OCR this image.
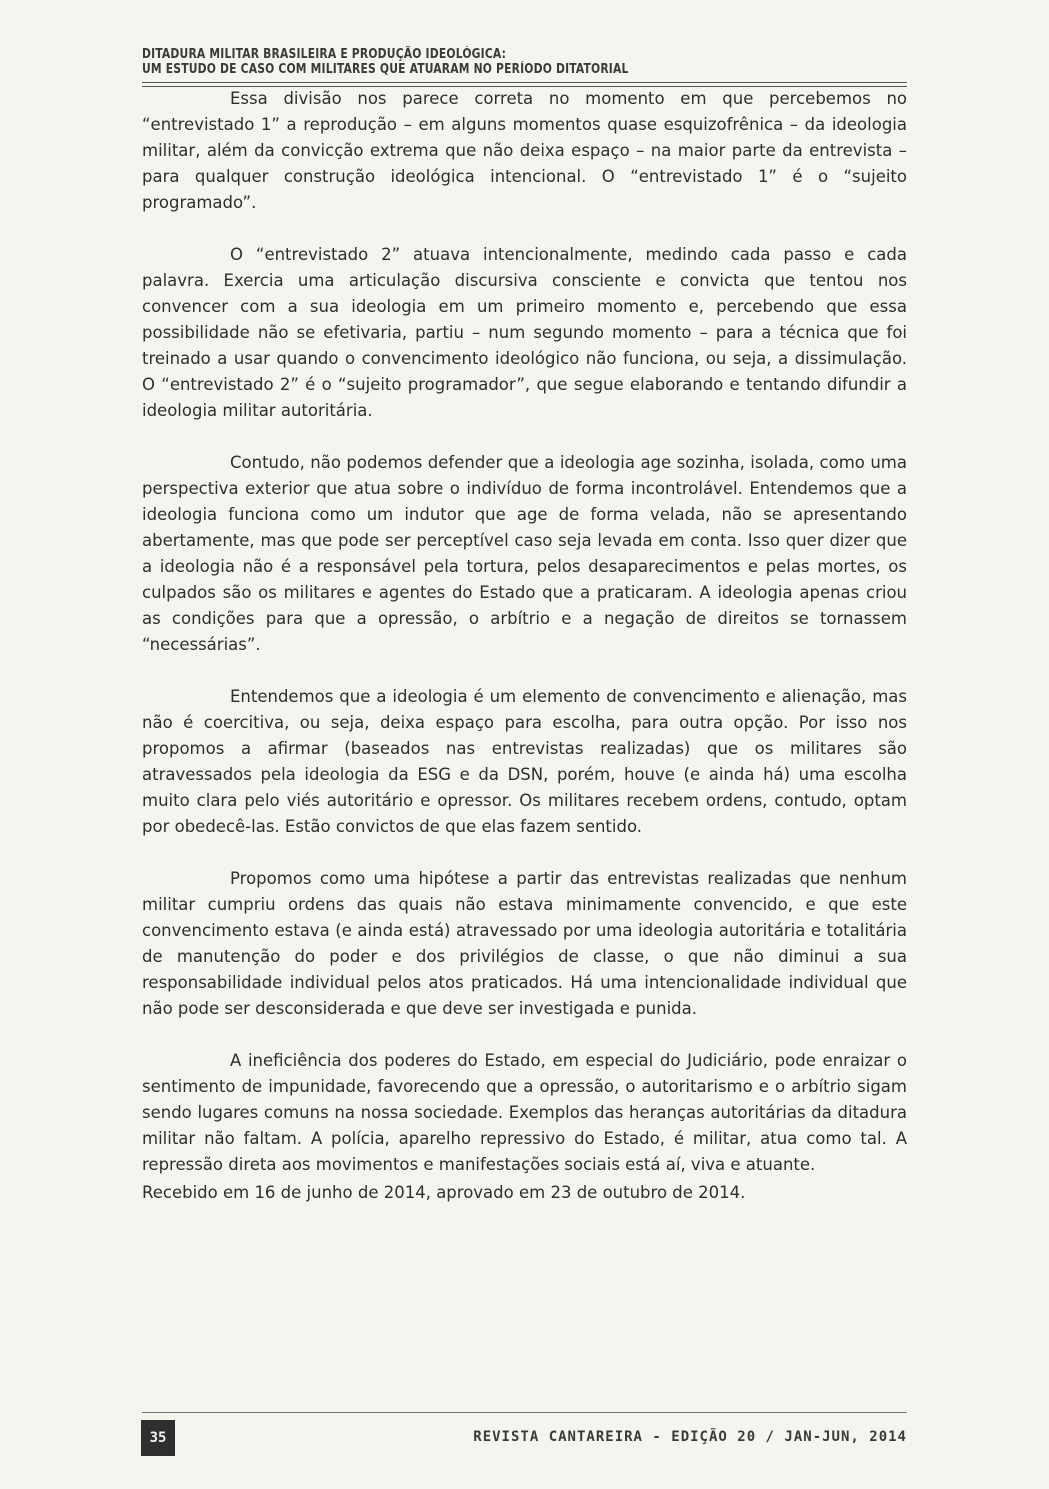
DITADURA MILITAR BRASILEIRA E PRODUÇÃO IDEOLÓGICA:
UM ESTUDO DE CASO COM MILITARES QUE ATUARAM NO PERÍODO DITATORIAL

Essa divisão nos parece correta no momento em que percebemos no “entrevistado 1” a reprodução – em alguns momentos quase esquizofrênica – da ideologia militar, além da convicção extrema que não deixa espaço – na maior parte da entrevista – para qualquer construção ideológica intencional. O “entrevistado 1” é o “sujeito programado”.

O “entrevistado 2” atuava intencionalmente, medindo cada passo e cada palavra. Exercia uma articulação discursiva consciente e convicta que tentou nos convencer com a sua ideologia em um primeiro momento e, percebendo que essa possibilidade não se efetivaria, partiu – num segundo momento – para a técnica que foi treinado a usar quando o convencimento ideológico não funciona, ou seja, a dissimulação. O “entrevistado 2” é o “sujeito programador”, que segue elaborando e tentando difundir a ideologia militar autoritária.

Contudo, não podemos defender que a ideologia age sozinha, isolada, como uma perspectiva exterior que atua sobre o indivíduo de forma incontrolável. Entendemos que a ideologia funciona como um indutor que age de forma velada, não se apresentando abertamente, mas que pode ser perceptível caso seja levada em conta. Isso quer dizer que a ideologia não é a responsável pela tortura, pelos desaparecimentos e pelas mortes, os culpados são os militares e agentes do Estado que a praticaram. A ideologia apenas criou as condições para que a opressão, o arbítrio e a negação de direitos se tornassem “necessárias”.

Entendemos que a ideologia é um elemento de convencimento e alienação, mas não é coercitiva, ou seja, deixa espaço para escolha, para outra opção. Por isso nos propomos a afirmar (baseados nas entrevistas realizadas) que os militares são atravessados pela ideologia da ESG e da DSN, porém, houve (e ainda há) uma escolha muito clara pelo viés autoritário e opressor. Os militares recebem ordens, contudo, optam por obedecê-las. Estão convictos de que elas fazem sentido.

Propomos como uma hipótese a partir das entrevistas realizadas que nenhum militar cumpriu ordens das quais não estava minimamente convencido, e que este convencimento estava (e ainda está) atravessado por uma ideologia autoritária e totalitária de manutenção do poder e dos privilégios de classe, o que não diminui a sua responsabilidade individual pelos atos praticados. Há uma intencionalidade individual que não pode ser desconsiderada e que deve ser investigada e punida.

A ineficiência dos poderes do Estado, em especial do Judiciário, pode enraizar o sentimento de impunidade, favorecendo que a opressão, o autoritarismo e o arbítrio sigam sendo lugares comuns na nossa sociedade. Exemplos das heranças autoritárias da ditadura militar não faltam. A polícia, aparelho repressivo do Estado, é militar, atua como tal. A repressão direta aos movimentos e manifestações sociais está aí, viva e atuante.

Recebido em 16 de junho de 2014, aprovado em 23 de outubro de 2014.
35	REVISTA CANTAREIRA - EDIÇÃO 20 / JAN-JUN, 2014
